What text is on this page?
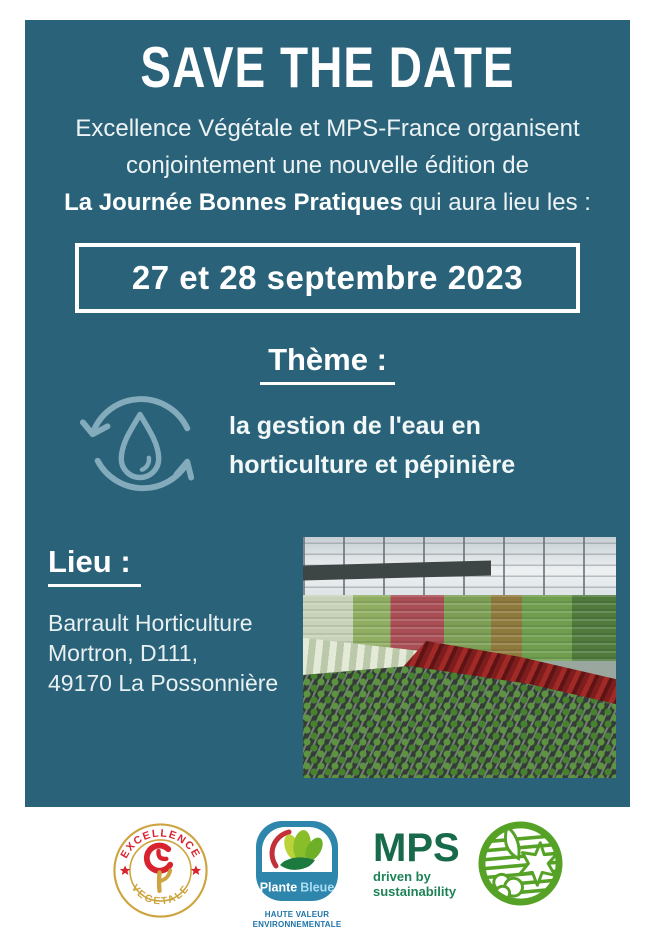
SAVE THE DATE
Excellence Végétale et MPS-France organisent
conjointement une nouvelle édition de
La Journée Bonnes Pratiques qui aura lieu les :
27 et 28 septembre 2023
Thème :
la gestion de l'eau en
horticulture et pépinière
Lieu :
Barrault Horticulture
Mortron, D111,
49170 La Possonnière
EXCELLENCE
VEGETALE	Plante Bleue
HAUTE VALEUR
ENVIRONNEMENTALE
MPS
driven by
sustainability
